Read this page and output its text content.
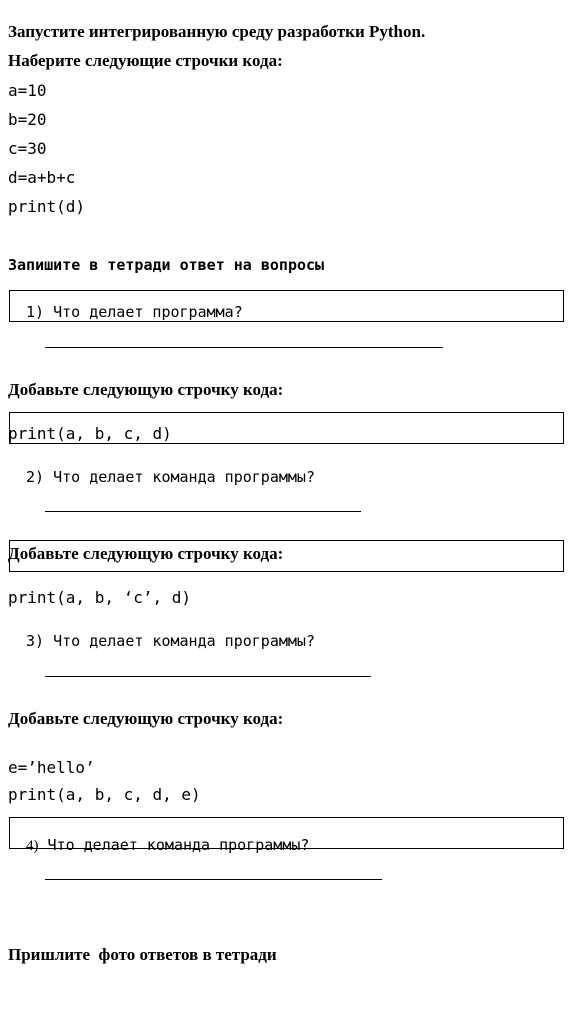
Запустите интегрированную среду разработки Python.
Наберите следующие строчки кода:
a=10
b=20
c=30
d=a+b+c
print(d)
Запишите в тетради ответ на вопросы
1) Что делает программа?
Добавьте следующую строчку кода:
print(a, b, c, d)
2) Что делает команда программы?
Добавьте следующую строчку кода:
print(a, b, ‘c’, d)
3) Что делает команда программы?
Добавьте следующую строчку кода:
e=’hello’
print(a, b, c, d, e)
4) Что делает команда программы?
Пришлите  фото ответов в тетради
